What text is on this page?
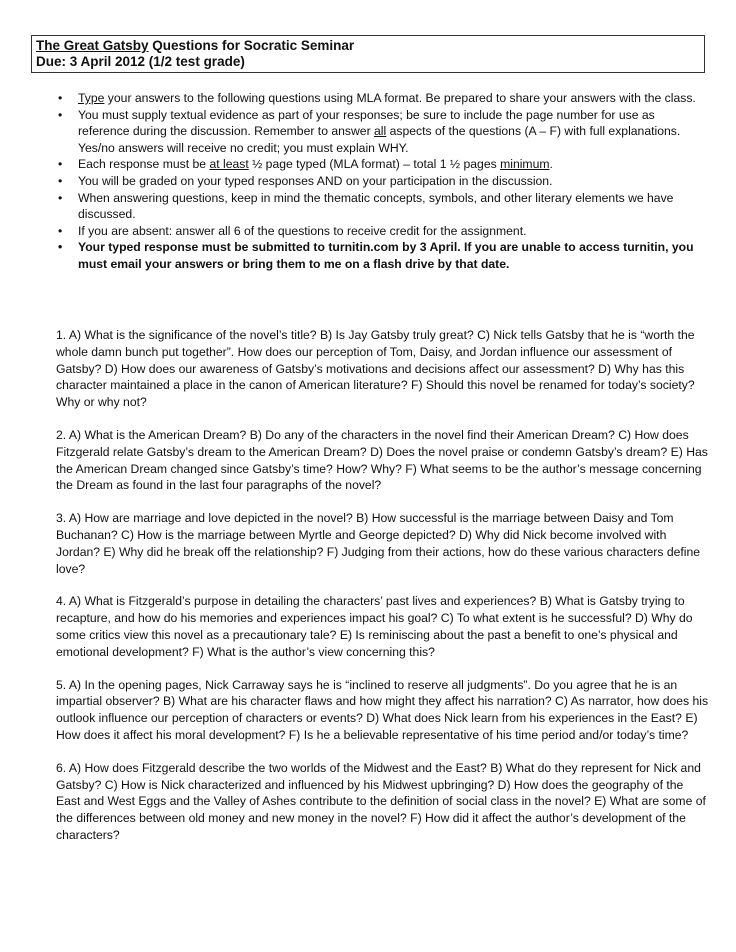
The Great Gatsby Questions for Socratic Seminar
Due: 3 April 2012 (1/2 test grade)
• Type your answers to the following questions using MLA format. Be prepared to share your answers with the class.
• You must supply textual evidence as part of your responses; be sure to include the page number for use as reference during the discussion. Remember to answer all aspects of the questions (A – F) with full explanations. Yes/no answers will receive no credit; you must explain WHY.
• Each response must be at least ½ page typed (MLA format) – total 1 ½ pages minimum.
• You will be graded on your typed responses AND on your participation in the discussion.
• When answering questions, keep in mind the thematic concepts, symbols, and other literary elements we have discussed.
• If you are absent: answer all 6 of the questions to receive credit for the assignment.
• Your typed response must be submitted to turnitin.com by 3 April. If you are unable to access turnitin, you must email your answers or bring them to me on a flash drive by that date.

1. A) What is the significance of the novel’s title? B) Is Jay Gatsby truly great? C) Nick tells Gatsby that he is “worth the whole damn bunch put together”. How does our perception of Tom, Daisy, and Jordan influence our assessment of Gatsby? D) How does our awareness of Gatsby’s motivations and decisions affect our assessment? D) Why has this character maintained a place in the canon of American literature? F) Should this novel be renamed for today’s society? Why or why not?

2. A) What is the American Dream? B) Do any of the characters in the novel find their American Dream? C) How does Fitzgerald relate Gatsby’s dream to the American Dream? D) Does the novel praise or condemn Gatsby’s dream? E) Has the American Dream changed since Gatsby’s time? How? Why? F) What seems to be the author’s message concerning the Dream as found in the last four paragraphs of the novel?

3. A) How are marriage and love depicted in the novel? B) How successful is the marriage between Daisy and Tom Buchanan? C) How is the marriage between Myrtle and George depicted? D) Why did Nick become involved with Jordan? E) Why did he break off the relationship? F) Judging from their actions, how do these various characters define love?

4. A) What is Fitzgerald’s purpose in detailing the characters’ past lives and experiences? B) What is Gatsby trying to recapture, and how do his memories and experiences impact his goal? C) To what extent is he successful? D) Why do some critics view this novel as a precautionary tale? E) Is reminiscing about the past a benefit to one’s physical and emotional development? F) What is the author’s view concerning this?

5. A) In the opening pages, Nick Carraway says he is “inclined to reserve all judgments”. Do you agree that he is an impartial observer? B) What are his character flaws and how might they affect his narration? C) As narrator, how does his outlook influence our perception of characters or events? D) What does Nick learn from his experiences in the East? E) How does it affect his moral development? F) Is he a believable representative of his time period and/or today’s time?

6. A) How does Fitzgerald describe the two worlds of the Midwest and the East? B) What do they represent for Nick and Gatsby? C) How is Nick characterized and influenced by his Midwest upbringing? D) How does the geography of the East and West Eggs and the Valley of Ashes contribute to the definition of social class in the novel? E) What are some of the differences between old money and new money in the novel? F) How did it affect the author’s development of the characters?
